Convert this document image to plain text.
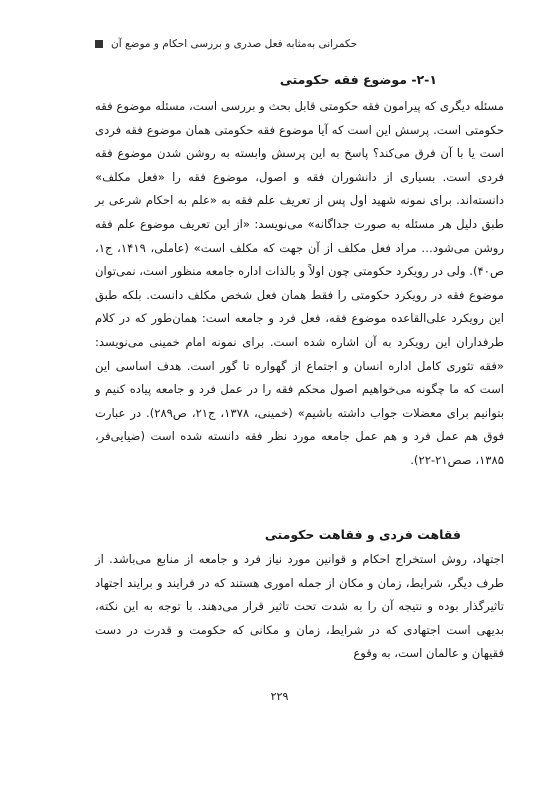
حکمرانی به‌مثابه فعل صدری و بررسی احکام و موضع آن
۲-۱- موضوع فقه حکومتی

مسئله دیگری که پیرامون فقه حکومتی قابل بحث و بررسی است، مسئله موضوع فقه حکومتی است. پرسش این است که آیا موضوع فقه حکومتی همان موضوع فقه فردی است یا با آن فرق می‌کند؟ پاسخ به این پرسش وابسته به روشن شدن موضوع فقه فردی است. بسیاری از دانشوران فقه و اصول، موضوع فقه را «فعل مکلف» دانسته‌اند. برای نمونه شهید اول پس از تعریف علم فقه به «علم به احکام شرعی بر طبق دلیل هر مسئله به صورت جداگانه» می‌نویسد: «از این تعریف موضوع علم فقه روشن می‌شود… مراد فعل مکلف از آن جهت که مکلف است» (عاملی، ۱۴۱۹، ج۱، ص۴۰). ولی در رویکرد حکومتی چون اولاً و بالذات اداره جامعه منظور است، نمی‌توان موضوع فقه در رویکرد حکومتی را فقط همان فعل شخص مکلف دانست. بلکه طبق این رویکرد علی‌القاعده موضوع فقه، فعل فرد و جامعه است: همان‌طور که در کلام طرفداران این رویکرد به آن اشاره شده است. برای نمونه امام خمینی می‌نویسد: «فقه تئوری کامل اداره انسان و اجتماع از گهواره تا گور است. هدف اساسی این است که ما چگونه می‌خواهیم اصول محکم فقه را در عمل فرد و جامعه پیاده کنیم و بتوانیم برای معضلات جواب داشته باشیم» (خمینی، ۱۳۷۸، ج۲۱، ص۲۸۹). در عبارت فوق هم عمل فرد و هم عمل جامعه مورد نظر فقه دانسته شده است (ضیایی‌فر، ۱۳۸۵، صص۲۱-۲۲).

فقاهت فردی و فقاهت حکومتی

اجتهاد، روش استخراج احکام و قوانین مورد نیاز فرد و جامعه از منابع می‌باشد. از طرف دیگر، شرایط، زمان و مکان از جمله اموری هستند که در فرایند و برایند اجتهاد تاثیرگذار بوده و نتیجه آن را به شدت تحت تاثیر قرار می‌دهند. با توجه به این نکته، بدیهی است اجتهادی که در شرایط، زمان و مکانی که حکومت و قدرت در دست فقیهان و عالمان است، به وقوع

۲۲۹
